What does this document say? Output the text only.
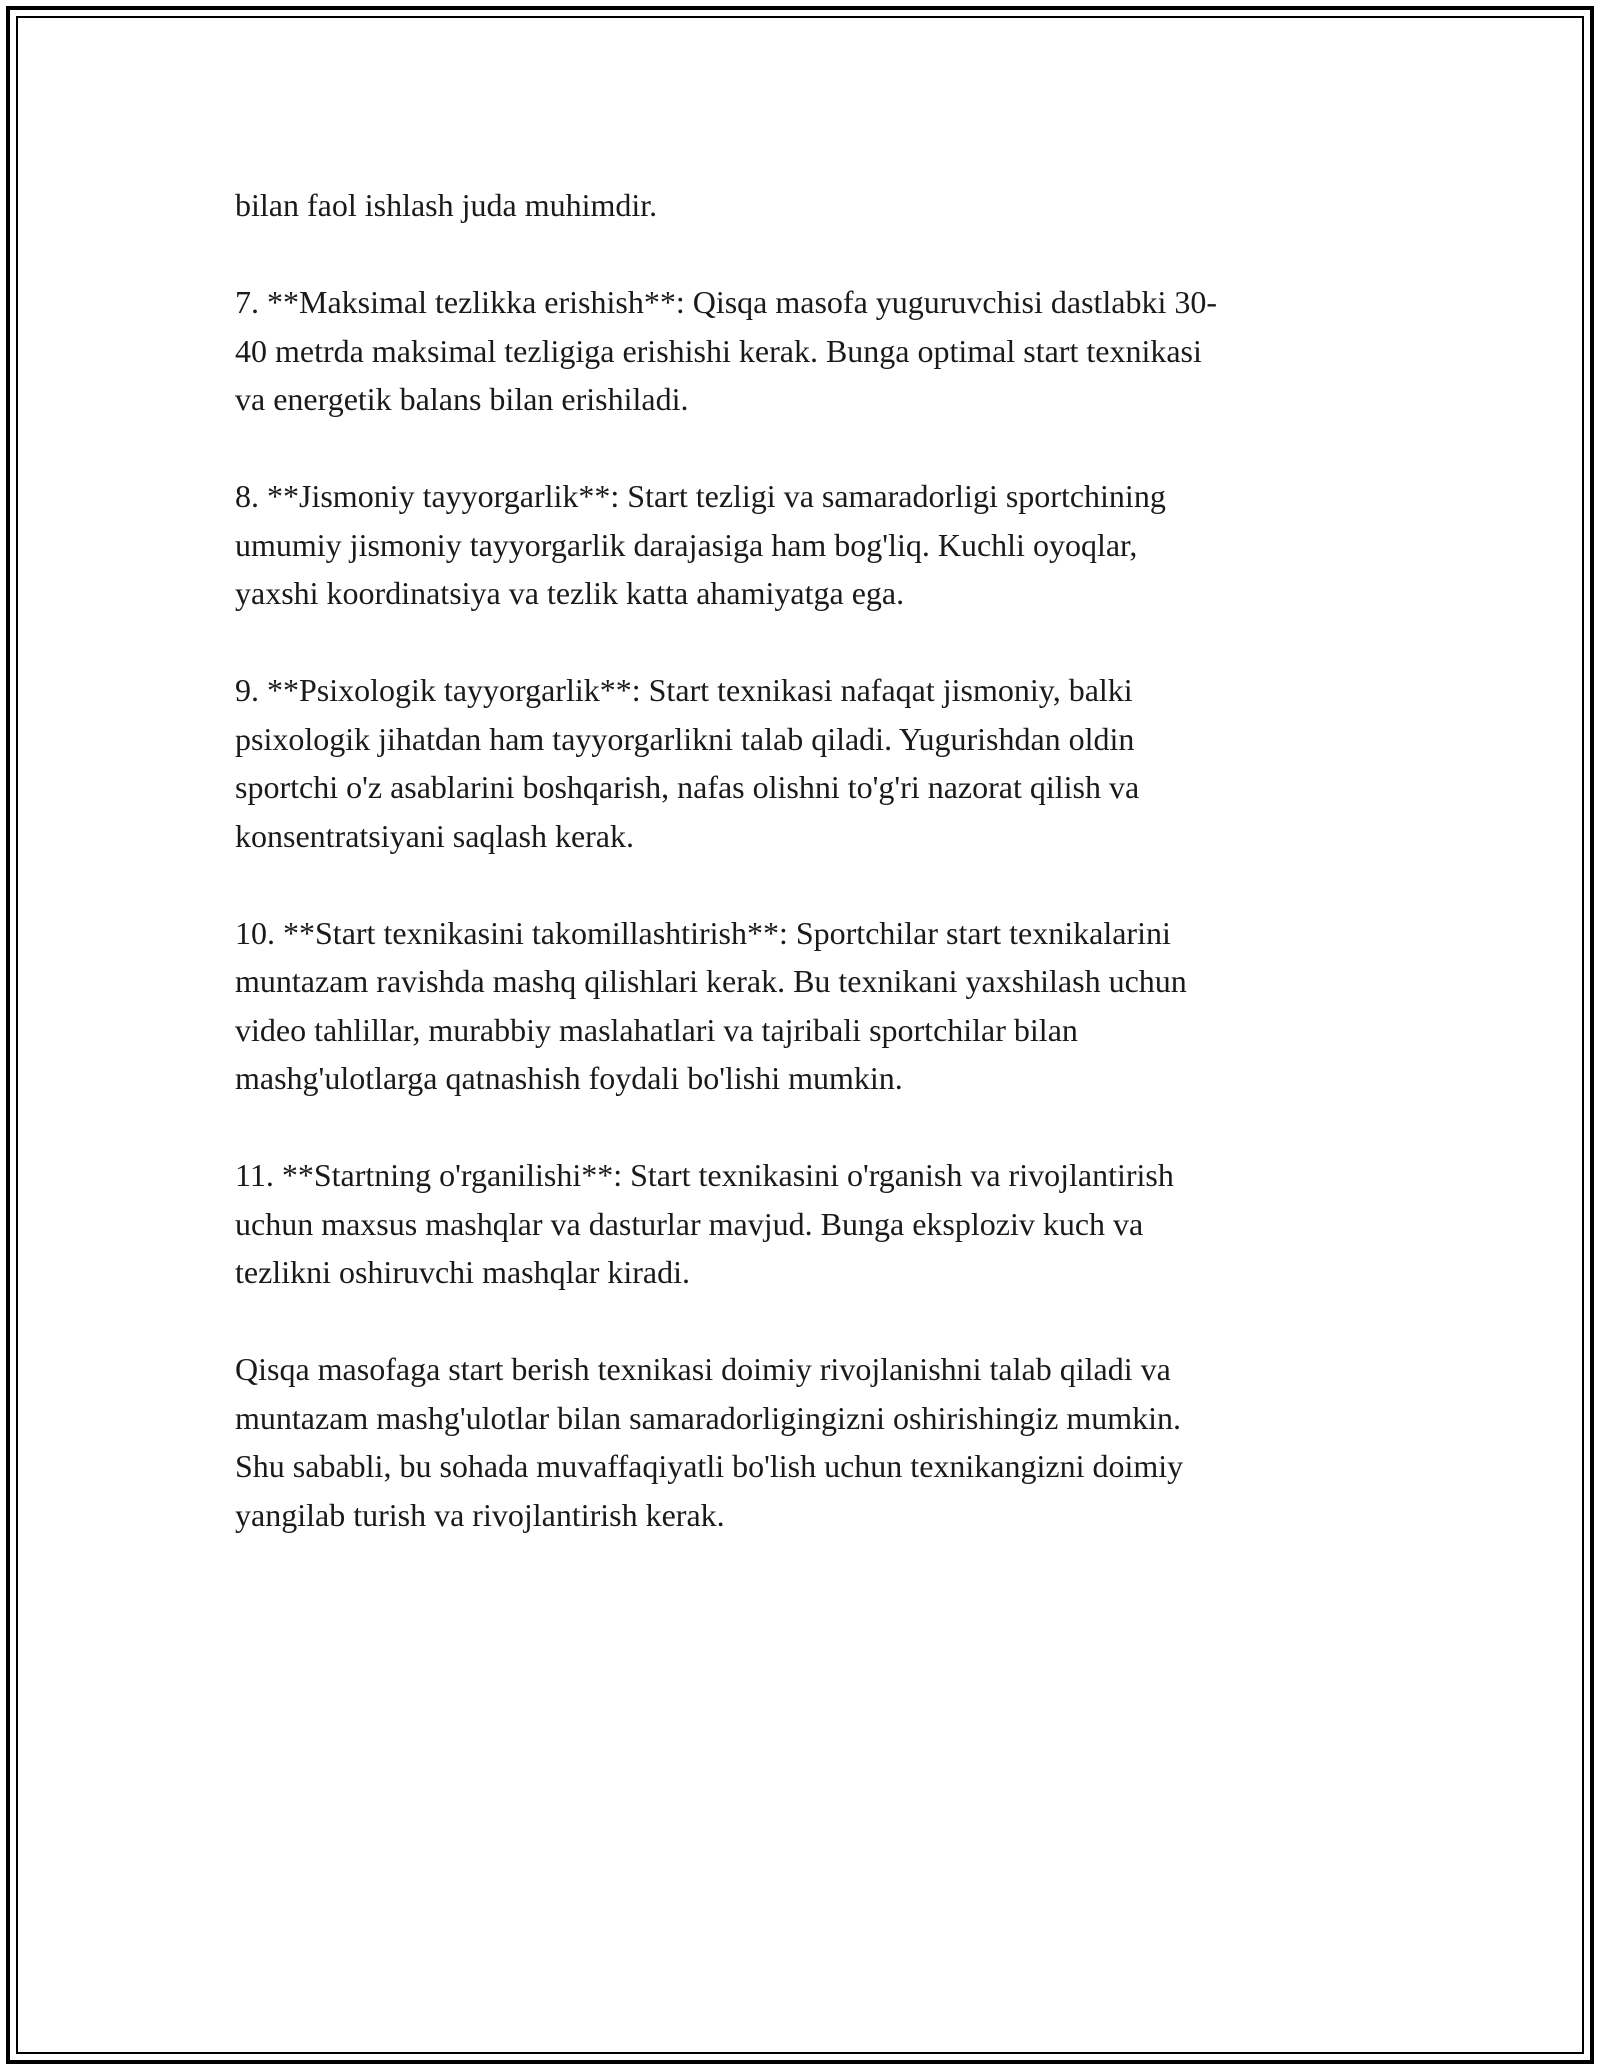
bilan faol ishlash juda muhimdir.

7. **Maksimal tezlikka erishish**: Qisqa masofa yuguruvchisi dastlabki 30-
40 metrda maksimal tezligiga erishishi kerak. Bunga optimal start texnikasi
va energetik balans bilan erishiladi.

8. **Jismoniy tayyorgarlik**: Start tezligi va samaradorligi sportchining
umumiy jismoniy tayyorgarlik darajasiga ham bog'liq. Kuchli oyoqlar,
yaxshi koordinatsiya va tezlik katta ahamiyatga ega.

9. **Psixologik tayyorgarlik**: Start texnikasi nafaqat jismoniy, balki
psixologik jihatdan ham tayyorgarlikni talab qiladi. Yugurishdan oldin
sportchi o'z asablarini boshqarish, nafas olishni to'g'ri nazorat qilish va
konsentratsiyani saqlash kerak.

10. **Start texnikasini takomillashtirish**: Sportchilar start texnikalarini
muntazam ravishda mashq qilishlari kerak. Bu texnikani yaxshilash uchun
video tahlillar, murabbiy maslahatlari va tajribali sportchilar bilan
mashg'ulotlarga qatnashish foydali bo'lishi mumkin.

11. **Startning o'rganilishi**: Start texnikasini o'rganish va rivojlantirish
uchun maxsus mashqlar va dasturlar mavjud. Bunga eksploziv kuch va
tezlikni oshiruvchi mashqlar kiradi.

Qisqa masofaga start berish texnikasi doimiy rivojlanishni talab qiladi va
muntazam mashg'ulotlar bilan samaradorligingizni oshirishingiz mumkin.
Shu sababli, bu sohada muvaffaqiyatli bo'lish uchun texnikangizni doimiy
yangilab turish va rivojlantirish kerak.
